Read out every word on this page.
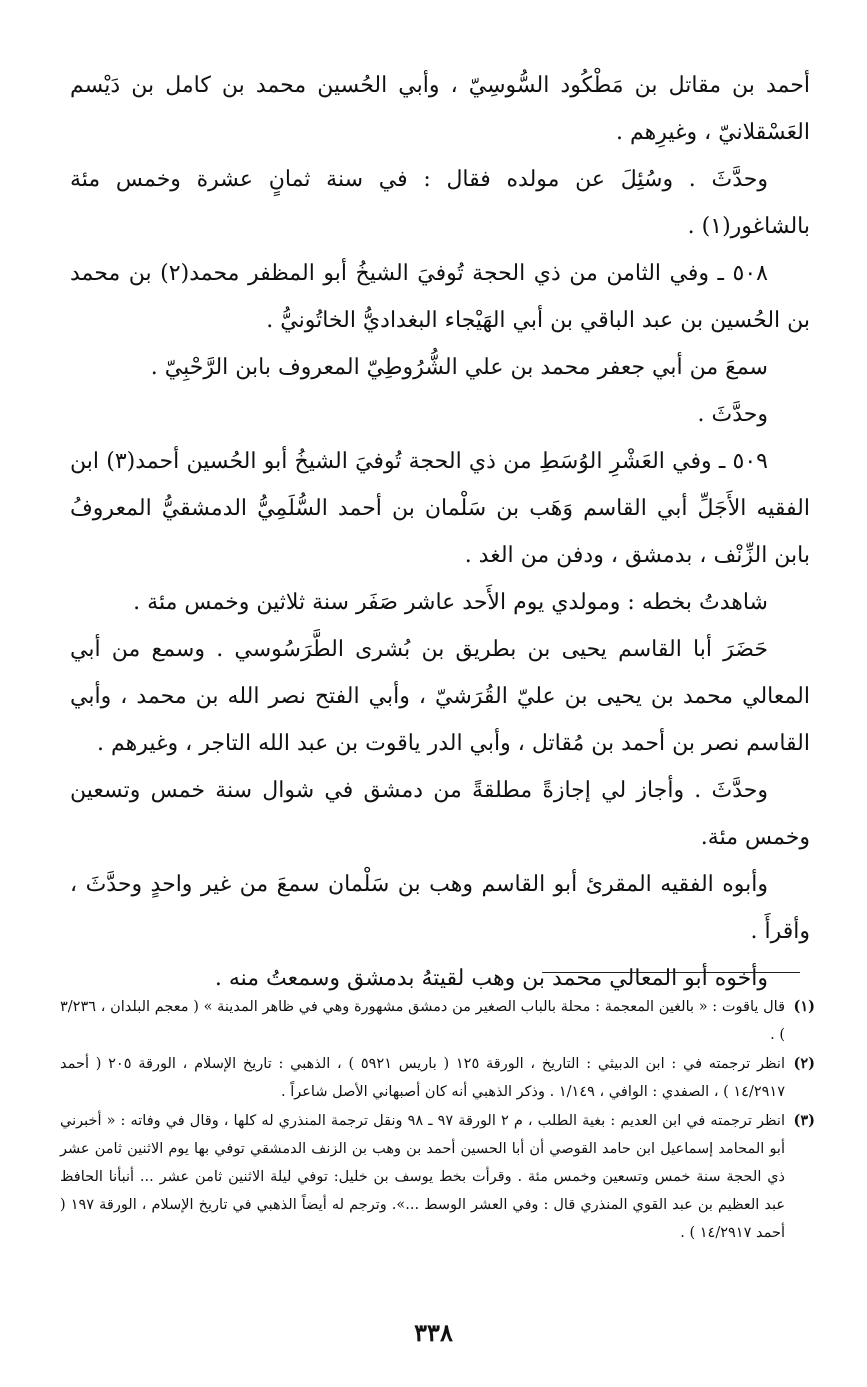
أحمد بن مقاتل بن مَطْكُود السُّوسِيّ ، وأبي الحُسين محمد بن كامل بن دَيْسم العَسْقلانيّ ، وغيرِهم .

وحدَّثَ . وسُئِلَ عن مولده فقال : في سنة ثمانٍ عشرة وخمس مئة بالشاغور(١) .

٥٠٨ ـ وفي الثامن من ذي الحجة تُوفيَ الشيخُ أبو المظفر محمد(٢) بن محمد بن الحُسين بن عبد الباقي بن أبي الهَيْجاء البغداديُّ الخاتُونيُّ .

سمعَ من أبي جعفر محمد بن علي الشُّرُوطِيّ المعروف بابن الرَّحْبِيّ .

وحدَّثَ .

٥٠٩ ـ وفي العَشْرِ الوُسَطِ من ذي الحجة تُوفيَ الشيخُ أبو الحُسين أحمد(٣) ابن الفقيه الأَجَلِّ أبي القاسم وَهَب بن سَلْمان بن أحمد السُّلَمِيُّ الدمشقيُّ المعروفُ بابن الزِّنْف ، بدمشق ، ودفن من الغد .

شاهدتُ بخطه : ومولدي يوم الأَحد عاشر صَفَر سنة ثلاثين وخمس مئة .

حَضَرَ أبا القاسم يحيى بن بطريق بن بُشرى الطَّرَسُوسي . وسمع من أبي المعالي محمد بن يحيى بن عليّ القُرَشيّ ، وأبي الفتح نصر الله بن محمد ، وأبي القاسم نصر بن أحمد بن مُقاتل ، وأبي الدر ياقوت بن عبد الله التاجر ، وغيرهم .

وحدَّثَ . وأجاز لي إجازةً مطلقةً من دمشق في شوال سنة خمس وتسعين وخمس مئة.

وأبوه الفقيه المقرئ أبو القاسم وهب بن سَلْمان سمعَ من غير واحدٍ وحدَّثَ ، وأقرأَ .

وأخوه أبو المعالي محمد بن وهب لقيتهُ بدمشق وسمعتُ منه .

(١)
قال ياقوت : « بالغين المعجمة : محلة بالباب الصغير من دمشق مشهورة وهي في ظاهر المدينة » ( معجم البلدان ، ٣/٢٣٦ ) .

(٢)
انظر ترجمته في : ابن الدبيثي : التاريخ ، الورقة ١٢٥ ( باريس ٥٩٢١ ) ، الذهبي : تاريخ الإسلام ، الورقة ٢٠٥ ( أحمد ١٤/٢٩١٧ ) ، الصفدي : الوافي ، ١/١٤٩ . وذكر الذهبي أنه كان أصبهاني الأصل شاعراً .

(٣)
انظر ترجمته في ابن العديم : بغية الطلب ، م ٢ الورقة ٩٧ ـ ٩٨ ونقل ترجمة المنذري له كلها ، وقال في وفاته : « أخبرني أبو المحامد إسماعيل ابن حامد القوصي أن أبا الحسين أحمد بن وهب بن الزنف الدمشقي توفي بها يوم الاثنين ثامن عشر ذي الحجة سنة خمس وتسعين وخمس مئة . وقرأت بخط يوسف بن خليل: توفي ليلة الاثنين ثامن عشر ... أنبأنا الحافظ عبد العظيم بن عبد القوي المنذري قال : وفي العشر الوسط ...». وترجم له أيضاً الذهبي في تاريخ الإسلام ، الورقة ١٩٧ ( أحمد ١٤/٢٩١٧ ) .

٣٣٨
